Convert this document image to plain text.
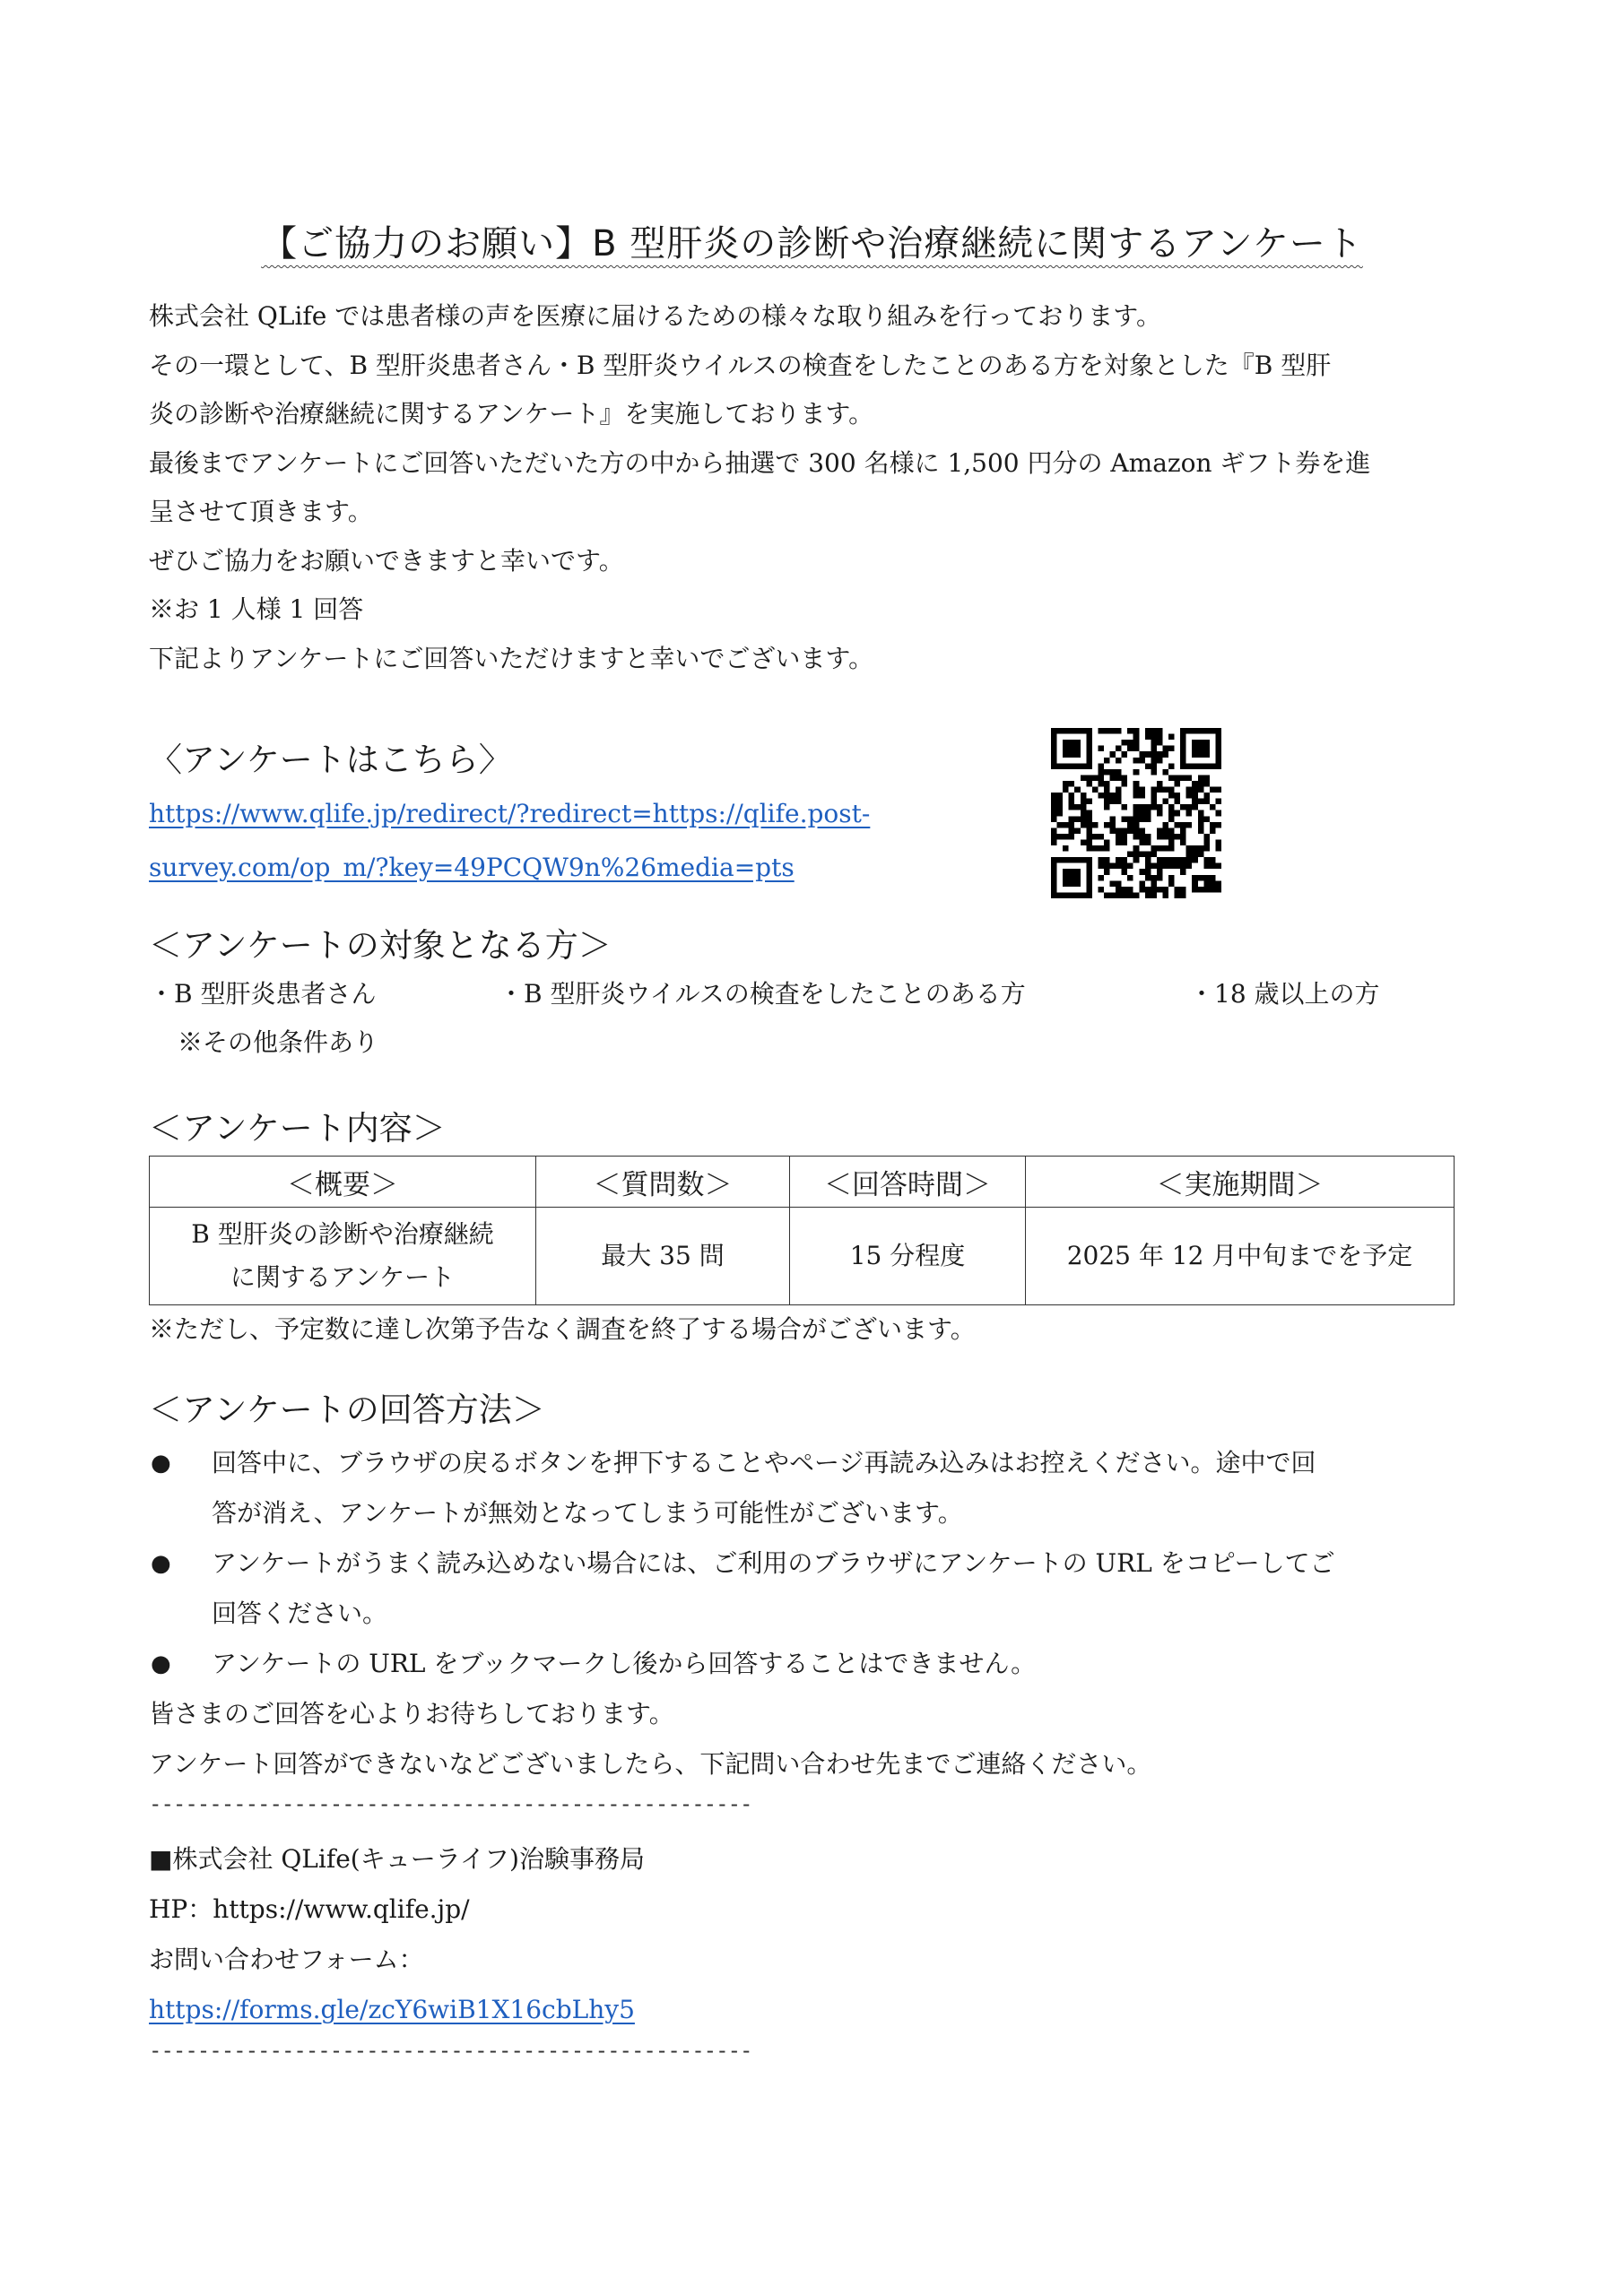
【ご協力のお願い】B 型肝炎の診断や治療継続に関するアンケート

株式会社 QLife では患者様の声を医療に届けるための様々な取り組みを行っております。

その一環として、B 型肝炎患者さん・B 型肝炎ウイルスの検査をしたことのある方を対象とした『B 型肝

炎の診断や治療継続に関するアンケート』を実施しております。

最後までアンケートにご回答いただいた方の中から抽選で 300 名様に 1,500 円分の Amazon ギフト券を進

呈させて頂きます。

ぜひご協力をお願いできますと幸いです。

※お 1 人様 1 回答

下記よりアンケートにご回答いただけますと幸いでございます。

〈アンケートはこちら〉
https://www.qlife.jp/redirect/?redirect=https://qlife.post-
survey.com/op_m/?key=49PCQW9n%26media=pts
＜アンケートの対象となる方＞
・B 型肝炎患者さん	・B 型肝炎ウイルスの検査をしたことのある方	・18 歳以上の方
※その他条件あり
＜アンケート内容＞
＜概要＞	＜質問数＞	＜回答時間＞	＜実施期間＞

B 型肝炎の診断や治療継続
に関するアンケート	最大 35 問	15 分程度	2025 年 12 月中旬までを予定
※ただし、予定数に達し次第予告なく調査を終了する場合がございます。
＜アンケートの回答方法＞
● 回答中に、ブラウザの戻るボタンを押下することやページ再読み込みはお控えください。途中で回
答が消え、アンケートが無効となってしまう可能性がございます。
● アンケートがうまく読み込めない場合には、ご利用のブラウザにアンケートの URL をコピーしてご
回答ください。
● アンケートの URL をブックマークし後から回答することはできません。
皆さまのご回答を心よりお待ちしております。
アンケート回答ができないなどございましたら、下記問い合わせ先までご連絡ください。
--------------------------------------------------
■株式会社 QLife(キューライフ)治験事務局
HP：https://www.qlife.jp/
お問い合わせフォーム：
https://forms.gle/zcY6wiB1X16cbLhy5
--------------------------------------------------
